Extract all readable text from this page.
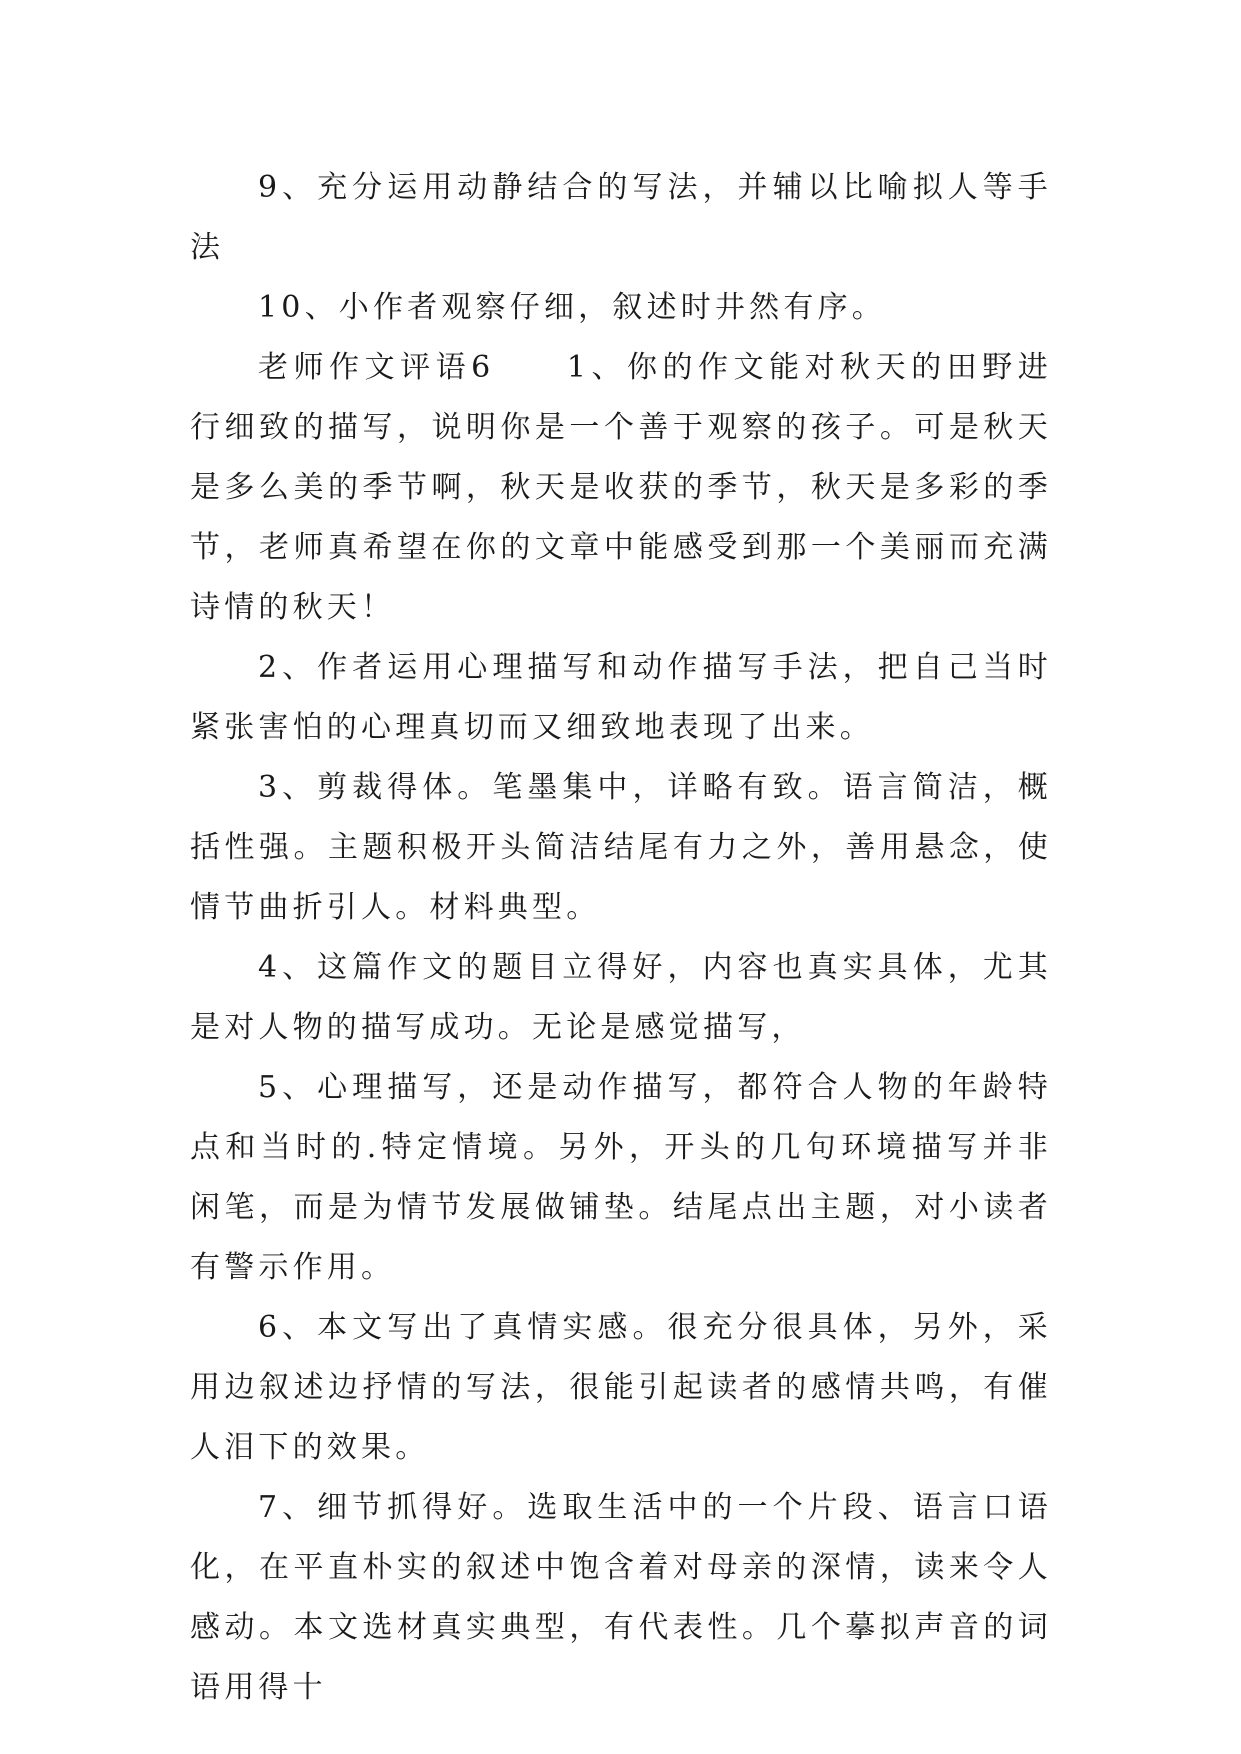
9、充分运用动静结合的写法，并辅以比喻拟人等手法

10、小作者观察仔细，叙述时井然有序。

老师作文评语6　　1、你的作文能对秋天的田野进行细致的描写，说明你是一个善于观察的孩子。可是秋天是多么美的季节啊，秋天是收获的季节，秋天是多彩的季节，老师真希望在你的文章中能感受到那一个美丽而充满诗情的秋天！

2、作者运用心理描写和动作描写手法，把自己当时紧张害怕的心理真切而又细致地表现了出来。

3、剪裁得体。笔墨集中，详略有致。语言简洁，概括性强。主题积极开头简洁结尾有力之外，善用悬念，使情节曲折引人。材料典型。

4、这篇作文的题目立得好，内容也真实具体，尤其是对人物的描写成功。无论是感觉描写，

5、心理描写，还是动作描写，都符合人物的年龄特点和当时的.特定情境。另外，开头的几句环境描写并非闲笔，而是为情节发展做铺垫。结尾点出主题，对小读者有警示作用。

6、本文写出了真情实感。很充分很具体，另外，采用边叙述边抒情的写法，很能引起读者的感情共鸣，有催人泪下的效果。

7、细节抓得好。选取生活中的一个片段、语言口语化，在平直朴实的叙述中饱含着对母亲的深情，读来令人感动。本文选材真实典型，有代表性。几个摹拟声音的词语用得十
